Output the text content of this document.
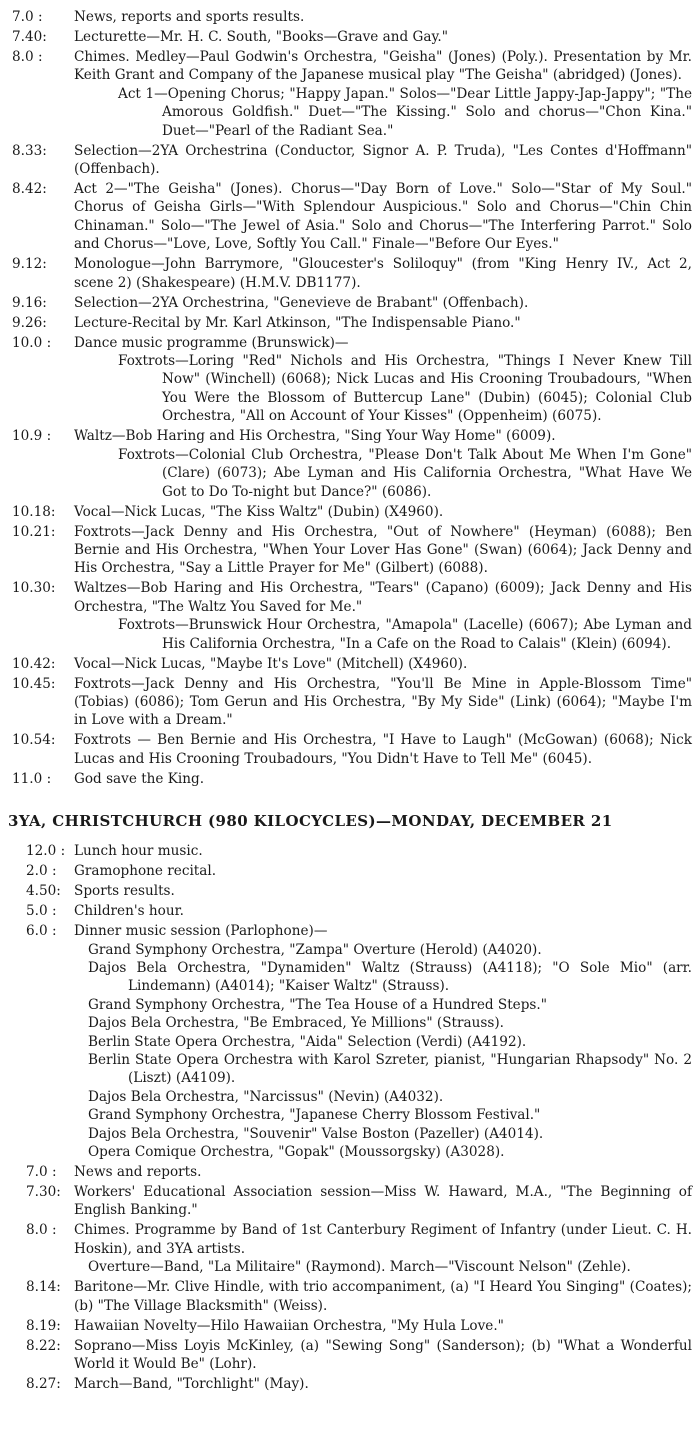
7.0 :	News, reports and sports results.
7.40:	Lecturette—Mr. H. C. South, "Books—Grave and Gay."
8.0 :	Chimes. Medley—Paul Godwin's Orchestra, "Geisha" (Jones) (Poly.). Presentation by Mr. Keith Grant and Company of the Japanese musical play "The Geisha" (abridged) (Jones).
Act 1—Opening Chorus; "Happy Japan." Solos—"Dear Little Jappy-Jap-Jappy"; "The Amorous Goldfish." Duet—"The Kissing." Solo and chorus—"Chon Kina." Duet—"Pearl of the Radiant Sea."
8.33:	Selection—2YA Orchestrina (Conductor, Signor A. P. Truda), "Les Contes d'Hoffmann" (Offenbach).
8.42:	Act 2—"The Geisha" (Jones). Chorus—"Day Born of Love." Solo—"Star of My Soul." Chorus of Geisha Girls—"With Splendour Auspicious." Solo and Chorus—"Chin Chin Chinaman." Solo—"The Jewel of Asia." Solo and Chorus—"The Interfering Parrot." Solo and Chorus—"Love, Love, Softly You Call." Finale—"Before Our Eyes."
9.12:	Monologue—John Barrymore, "Gloucester's Soliloquy" (from "King Henry IV., Act 2, scene 2) (Shakespeare) (H.M.V. DB1177).
9.16:	Selection—2YA Orchestrina, "Genevieve de Brabant" (Offenbach).
9.26:	Lecture-Recital by Mr. Karl Atkinson, "The Indispensable Piano."
10.0 :	Dance music programme (Brunswick)—
Foxtrots—Loring "Red" Nichols and His Orchestra, "Things I Never Knew Till Now" (Winchell) (6068); Nick Lucas and His Crooning Troubadours, "When You Were the Blossom of Buttercup Lane" (Dubin) (6045); Colonial Club Orchestra, "All on Account of Your Kisses" (Oppenheim) (6075).
10.9 :	Waltz—Bob Haring and His Orchestra, "Sing Your Way Home" (6009).
Foxtrots—Colonial Club Orchestra, "Please Don't Talk About Me When I'm Gone" (Clare) (6073); Abe Lyman and His California Orchestra, "What Have We Got to Do To-night but Dance?" (6086).
10.18:	Vocal—Nick Lucas, "The Kiss Waltz" (Dubin) (X4960).
10.21:	Foxtrots—Jack Denny and His Orchestra, "Out of Nowhere" (Heyman) (6088); Ben Bernie and His Orchestra, "When Your Lover Has Gone" (Swan) (6064); Jack Denny and His Orchestra, "Say a Little Prayer for Me" (Gilbert) (6088).
10.30:	Waltzes—Bob Haring and His Orchestra, "Tears" (Capano) (6009); Jack Denny and His Orchestra, "The Waltz You Saved for Me."
Foxtrots—Brunswick Hour Orchestra, "Amapola" (Lacelle) (6067); Abe Lyman and His California Orchestra, "In a Cafe on the Road to Calais" (Klein) (6094).
10.42:	Vocal—Nick Lucas, "Maybe It's Love" (Mitchell) (X4960).
10.45:	Foxtrots—Jack Denny and His Orchestra, "You'll Be Mine in Apple-Blossom Time" (Tobias) (6086); Tom Gerun and His Orchestra, "By My Side" (Link) (6064); "Maybe I'm in Love with a Dream."
10.54:	Foxtrots — Ben Bernie and His Orchestra, "I Have to Laugh" (McGowan) (6068); Nick Lucas and His Crooning Troubadours, "You Didn't Have to Tell Me" (6045).
11.0 :	God save the King.
3YA, CHRISTCHURCH (980 KILOCYCLES)—MONDAY, DECEMBER 21
12.0 : Lunch hour music.
2.0 :	Gramophone recital.
4.50: Sports results.
5.0 :	Children's hour.
6.0 :	Dinner music session (Parlophone)—
Grand Symphony Orchestra, "Zampa" Overture (Herold) (A4020).
Dajos Bela Orchestra, "Dynamiden" Waltz (Strauss) (A4118); "O Sole Mio" (arr. Lindemann) (A4014); "Kaiser Waltz" (Strauss).
Grand Symphony Orchestra, "The Tea House of a Hundred Steps."
Dajos Bela Orchestra, "Be Embraced, Ye Millions" (Strauss).
Berlin State Opera Orchestra, "Aida" Selection (Verdi) (A4192).
Berlin State Opera Orchestra with Karol Szreter, pianist, "Hungarian Rhapsody" No. 2 (Liszt) (A4109).
Dajos Bela Orchestra, "Narcissus" (Nevin) (A4032).
Grand Symphony Orchestra, "Japanese Cherry Blossom Festival."
Dajos Bela Orchestra, "Souvenir" Valse Boston (Pazeller) (A4014).
Opera Comique Orchestra, "Gopak" (Moussorgsky) (A3028).
7.0 :	News and reports.
7.30: Workers' Educational Association session—Miss W. Haward, M.A., "The Beginning of English Banking."
8.0 :	Chimes. Programme by Band of 1st Canterbury Regiment of Infantry (under Lieut. C. H. Hoskin), and 3YA artists.
Overture—Band, "La Militaire" (Raymond). March—"Viscount Nelson" (Zehle).
8.14: Baritone—Mr. Clive Hindle, with trio accompaniment, (a) "I Heard You Singing" (Coates); (b) "The Village Blacksmith" (Weiss).
8.19: Hawaiian Novelty—Hilo Hawaiian Orchestra, "My Hula Love."
8.22: Soprano—Miss Loyis McKinley, (a) "Sewing Song" (Sanderson); (b) "What a Wonderful World it Would Be" (Lohr).
8.27: March—Band, "Torchlight" (May).
